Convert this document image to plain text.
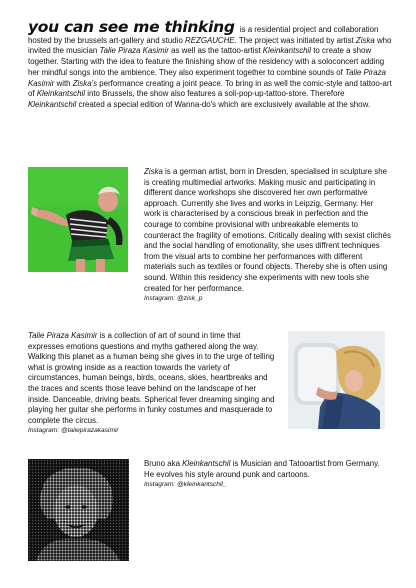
you can see me thinking is a residential project and collaboration hosted by the brussels art-gallery and studio REZGAUCHE. The project was initiated by artist Ziska who invited the musician Talie Piraza Kasimir as well as the tattoo-artist Kleinkantschil to create a show together. Starting with the idea to feature the finishing show of the residency with a soloconcert adding her mindful songs into the ambience. They also experiment together to combine sounds of Talie Piraza Kasimir with Ziska's performance creating a joint peace. To bring in as well the comic-style and tattoo-art of Kleinkantschil into Brussels, the show also features a soli-pop-up-tattoo-store. Therefore Kleinkantschil created a special edition of Wanna-do's which are exclusively available at the show.

Ziska is a german artist, born in Dresden, specialised in sculpture she is creating multimedial artworks. Making music and participating in different dance workshops she discovered her own performative approach. Currently she lives and works in Leipzig, Germany. Her work is characterised by a conscious break in perfection and the courage to combine provisional with unbreakable elements to counteract the fragility of emotions. Critically dealing with sexist clichés and the social handling of emotionality, she uses diffrent techniques from the visual arts to combine her performances with different materials such as textiles or found objects. Thereby she is often using sound. Within this residency she experiments with new tools she created for her performance.

Instagram: @zisk_p

Talie Piraza Kasimir is a collection of art of sound in time that expresses emotions questions and myths gathered along the way. Walking this planet as a human being she gives in to the urge of telling what is growing inside as a reaction towards the variety of circumstances, human beings, birds, oceans, skies, heartbreaks and the traces and scents those leave behind on the landscape of her inside. Danceable, driving beats. Spherical fever dreaming singing and playing her guitar she performs in funky costumes and masquerade to complete the circus.

Instagram: @taliepirazakasimir

Bruno aka Kleinkantschil is Musician and Tatooartist from Germany. He evolves his style around punk and cartoons.

Instagram: @kleinkantschil_
